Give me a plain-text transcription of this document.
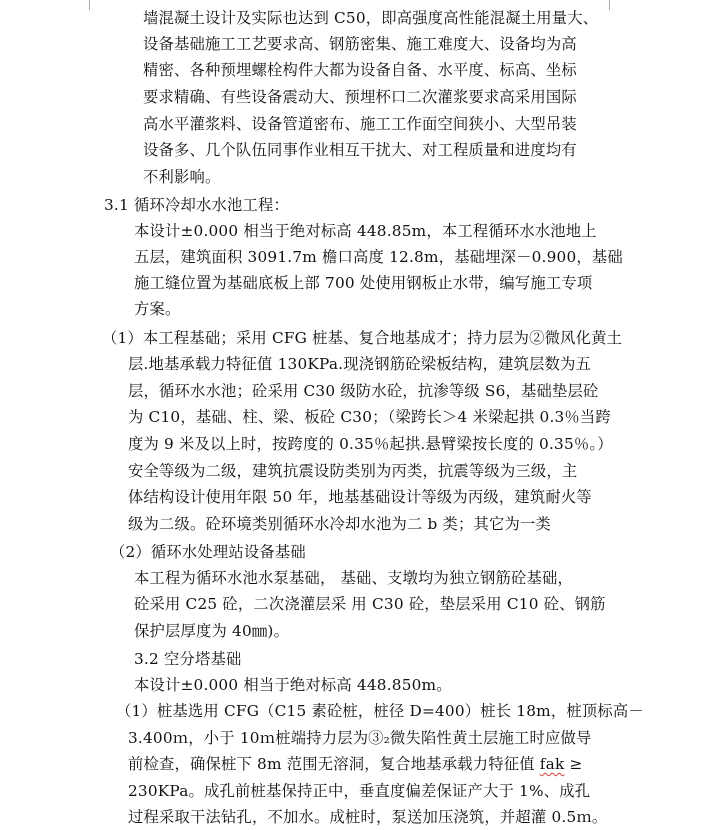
墙混凝土设计及实际也达到 C50，即高强度高性能混凝土用量大、
设备基础施工工艺要求高、钢筋密集、施工难度大、设备均为高
精密、各种预埋螺栓构件大都为设备自备、水平度、标高、坐标
要求精确、有些设备震动大、预埋杯口二次灌浆要求高采用国际
高水平灌浆料、设备管道密布、施工工作面空间狭小、大型吊装
设备多、几个队伍同事作业相互干扰大、对工程质量和进度均有
不利影响。
3.1 循环冷却水水池工程：
本设计±0.000 相当于绝对标高 448.85m，本工程循环水水池地上
五层，建筑面积 3091.7m 檐口高度 12.8m，基础埋深－0.900，基础
施工缝位置为基础底板上部 700 处使用钢板止水带，编写施工专项
方案。
（1）本工程基础；采用 CFG 桩基、复合地基成才；持力层为②微风化黄土
层.地基承载力特征值 130KPa.现浇钢筋砼梁板结构，建筑层数为五
层，循环水水池；砼采用 C30 级防水砼，抗渗等级 S6，基础垫层砼
为 C10，基础、柱、梁、板砼 C30；（梁跨长＞4 米梁起拱 0.3％当跨
度为 9 米及以上时，按跨度的 0.35％起拱.悬臂梁按长度的 0.35％。）
安全等级为二级，建筑抗震设防类别为丙类，抗震等级为三级，主
体结构设计使用年限 50 年，地基基础设计等级为丙级，建筑耐火等
级为二级。砼环境类别循环水冷却水池为二 b 类；其它为一类
（2）循环水处理站设备基础
本工程为循环水池水泵基础， 基础、支墩均为独立钢筋砼基础，
砼采用 C25 砼，二次浇灌层采 用 C30 砼，垫层采用 C10 砼、钢筋
保护层厚度为 40㎜)。
3.2 空分塔基础
本设计±0.000 相当于绝对标高 448.850m。
（1）桩基选用 CFG（C15 素砼桩，桩径 D=400）桩长 18m，桩顶标高－
3.400ｍ，小于 10ｍ桩端持力层为③₂微失陷性黄土层施工时应做导
前检查，确保桩下 8m 范围无溶洞，复合地基承载力特征值 fak ≥
230KPa。成孔前桩基保持正中，垂直度偏差保证产大于 1%、成孔
过程采取干法钻孔，不加水。成桩时，泵送加压浇筑，并超灌 0.5ｍ。
